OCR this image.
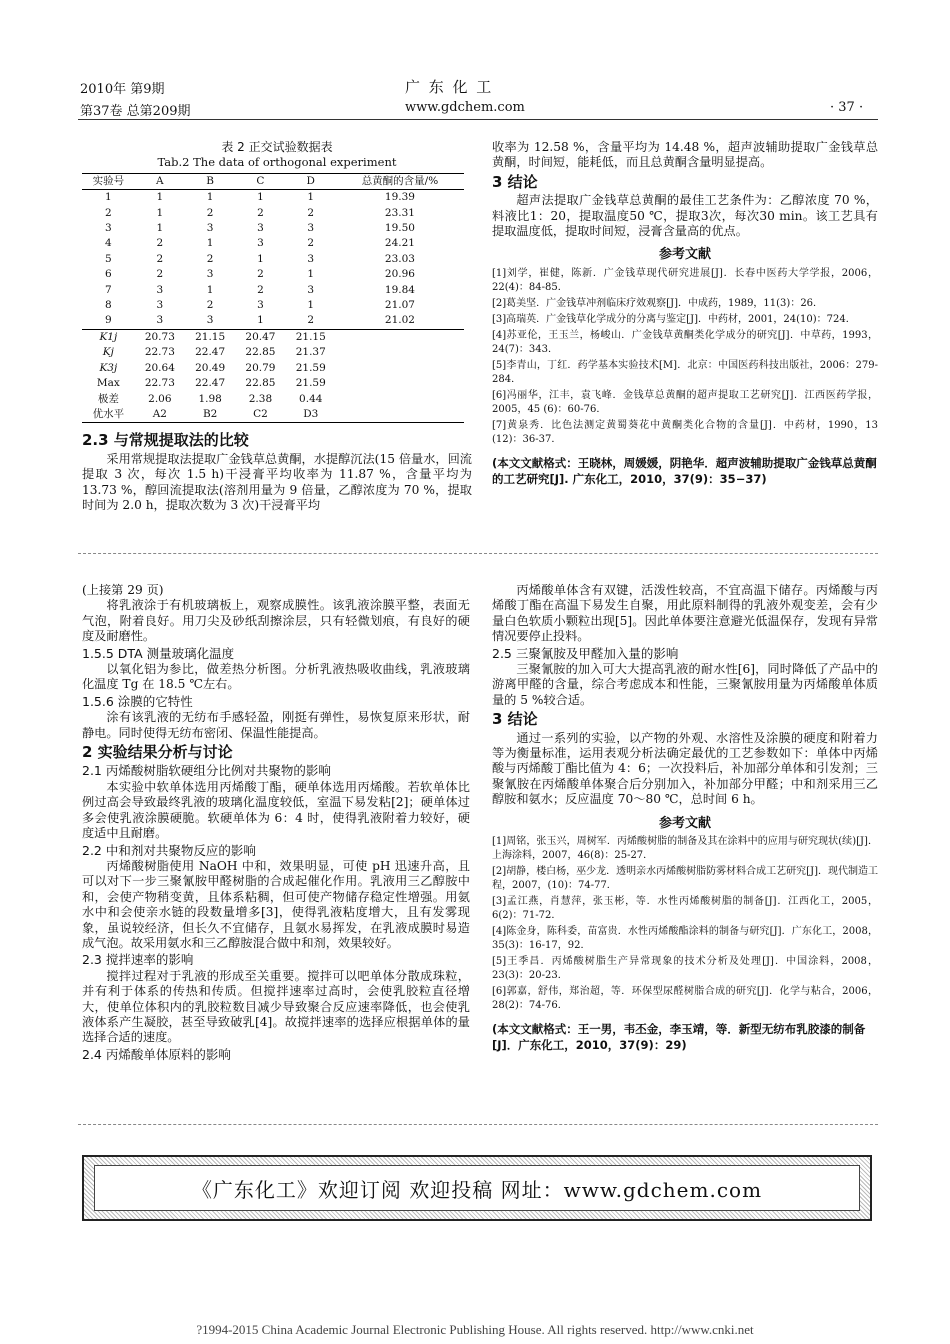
2010年 第9期	广 东 化 工
第37卷 总第209期	www.gdchem.com	· 37 ·
表 2 正交试验数据表
Tab.2 The data of orthogonal experiment
实验号	A	B	C	D	总黄酮的含量/%
1	1	1	1	1	19.39
2	1	2	2	2	23.31
3	1	3	3	3	19.50
4	2	1	3	2	24.21
5	2	2	1	3	23.03
6	2	3	2	1	20.96
7	3	1	2	3	19.84
8	3	2	3	1	21.07
9	3	3	1	2	21.02
K1j	20.73	21.15	20.47	21.15	
Kj	22.73	22.47	22.85	21.37	
K3j	20.64	20.49	20.79	21.59	
Max	22.73	22.47	22.85	21.59	
极差	2.06	1.98	2.38	0.44	
优水平	A2	B2	C2	D3	
2.3 与常规提取法的比较

采用常规提取法提取广金钱草总黄酮，水提醇沉法(15 倍量水，回流提取 3 次，每次 1.5 h)干浸膏平均收率为 11.87 %，含量平均为 13.73 %，醇回流提取法(溶剂用量为 9 倍量，乙醇浓度为 70 %，提取时间为 2.0 h，提取次数为 3 次)干浸膏平均

收率为 12.58 %，含量平均为 14.48 %，超声波辅助提取广金钱草总黄酮，时间短，能耗低，而且总黄酮含量明显提高。

3 结论

超声法提取广金钱草总黄酮的最佳工艺条件为：乙醇浓度 70 %，料液比1：20，提取温度50 ℃，提取3次，每次30 min。该工艺具有提取温度低，提取时间短，浸膏含量高的优点。

参考文献
[1]刘学，崔健，陈新．广金钱草现代研究进展[J]．长春中医药大学学报，2006，22(4)：84-85．
[2]葛美坚．广金钱草冲剂临床疗效观察[J]．中成药，1989，11(3)：26．
[3]高瑞英．广金钱草化学成分的分离与鉴定[J]．中药材，2001，24(10)：724．
[4]苏亚伦，王玉兰，杨峻山．广金钱草黄酮类化学成分的研究[J]．中草药，1993，24(7)：343．
[5]李青山，丁红．药学基本实验技术[M]．北京：中国医药科技出版社，2006：279-284．
[6]冯丽华，江丰，袁飞峰．金钱草总黄酮的超声提取工艺研究[J]．江西医药学报，2005，45 (6)：60-76．
[7]黄泉秀．比色法测定黄蜀葵花中黄酮类化合物的含量[J]．中药材，1990，13 (12)：36-37．
(本文文献格式：王晓林，周媛媛，阴艳华．超声波辅助提取广金钱草总黄酮的工艺研究[J]. 广东化工，2010，37(9)：35−37)

(上接第 29 页)

将乳液涂于有机玻璃板上，观察成膜性。该乳液涂膜平整，表面无气泡，附着良好。用刀尖及砂纸刮擦涂层，只有轻微划痕，有良好的硬度及耐磨性。

1.5.5 DTA 测量玻璃化温度

以氧化铝为参比，做差热分析图。分析乳液热吸收曲线，乳液玻璃化温度 Tg 在 18.5 ℃左右。

1.5.6 涂膜的它特性

涂有该乳液的无纺布手感轻盈，刚挺有弹性，易恢复原来形状，耐静电。同时使得无纺布密闭、保温性能提高。

2 实验结果分析与讨论
2.1 丙烯酸树脂软硬组分比例对共聚物的影响

本实验中软单体选用丙烯酸丁酯，硬单体选用丙烯酸。若软单体比例过高会导致最终乳液的玻璃化温度较低，室温下易发粘[2]；硬单体过多会使乳液涂膜硬脆。软硬单体为 6：4 时，使得乳液附着力较好，硬度适中且耐磨。

2.2 中和剂对共聚物反应的影响

丙烯酸树脂使用 NaOH 中和，效果明显，可使 pH 迅速升高，且可以对下一步三聚氰胺甲醛树脂的合成起催化作用。乳液用三乙醇胺中和，会使产物稍变黄，且体系粘稠，但可使产物储存稳定性增强。用氨水中和会使亲水链的段数量增多[3]，使得乳液粘度增大，且有发雾现象，虽说较经济，但长久不宜储存，且氨水易挥发，在乳液成膜时易造成气泡。故采用氨水和三乙醇胺混合做中和剂，效果较好。

2.3 搅拌速率的影响

搅拌过程对于乳液的形成至关重要。搅拌可以吧单体分散成珠粒，并有利于体系的传热和传质。但搅拌速率过高时，会使乳胶粒直径增大，使单位体积内的乳胶粒数目减少导致聚合反应速率降低，也会使乳液体系产生凝胶，甚至导致破乳[4]。故搅拌速率的选择应根据单体的量选择合适的速度。

2.4 丙烯酸单体原料的影响

丙烯酸单体含有双键，活泼性较高，不宜高温下储存。丙烯酸与丙烯酸丁酯在高温下易发生自聚，用此原料制得的乳液外观变差，会有少量白色软质小颗粒出现[5]。因此单体要注意避光低温保存，发现有异常情况要停止投料。

2.5 三聚氰胺及甲醛加入量的影响

三聚氰胺的加入可大大提高乳液的耐水性[6]，同时降低了产品中的游离甲醛的含量，综合考虑成本和性能，三聚氰胺用量为丙烯酸单体质量的 5 %较合适。

3 结论

通过一系列的实验，以产物的外观、水溶性及涂膜的硬度和附着力等为衡量标准，运用表观分析法确定最优的工艺参数如下：单体中丙烯酸与丙烯酸丁酯比值为 4：6；一次投料后，补加部分单体和引发剂；三聚氰胺在丙烯酸单体聚合后分别加入，补加部分甲醛；中和剂采用三乙醇胺和氨水；反应温度 70～80 ℃，总时间 6 h。

参考文献
[1]周铭，张玉兴，周树军．丙烯酸树脂的制备及其在涂料中的应用与研究现状(续)[J]．上海涂料，2007，46(8)：25-27．
[2]胡静，楼白杨，巫少龙．透明亲水丙烯酸树脂防雾材料合成工艺研究[J]．现代制造工程，2007，(10)：74-77．
[3]孟江燕，肖慧萍，张玉彬，等．水性丙烯酸树脂的制备[J]．江西化工，2005，6(2)：71-72．
[4]陈金身，陈科委，苗富贵．水性丙烯酸酯涂料的制备与研究[J]．广东化工，2008，35(3)：16-17，92．
[5]王季昌．丙烯酸树脂生产异常现象的技术分析及处理[J]．中国涂料，2008，23(3)：20-23．
[6]郭嘉，舒伟，郑治超，等．环保型尿醛树脂合成的研究[J]．化学与粘合，2006，28(2)：74-76．
(本文文献格式：王一男，韦丕金，李玉靖，等．新型无纺布乳胶漆的制备[J]．广东化工，2010，37(9)：29)
《广东化工》欢迎订阅 欢迎投稿 网址：www.gdchem.com
?1994-2015 China Academic Journal Electronic Publishing House. All rights reserved. http://www.cnki.net
